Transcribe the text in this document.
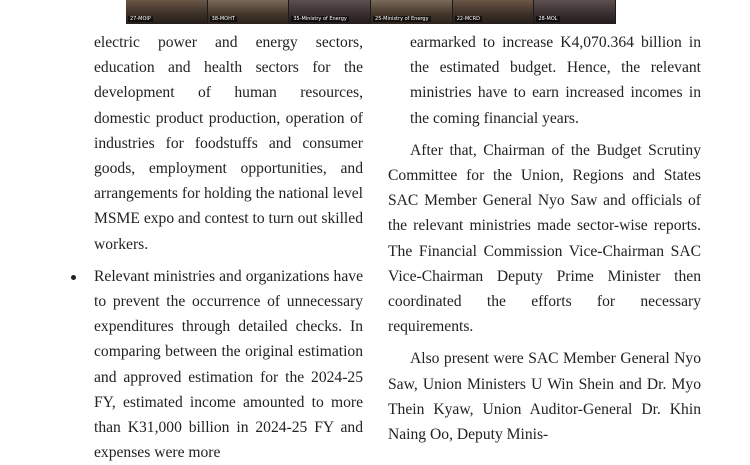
27-MOIP	38-MOHT	35-Ministry of Energy	25-Ministry of Energy	22-MCRD	28-MOL

electric power and energy sectors, education and health sectors for the development of human resources, domestic product production, operation of industries for foodstuffs and consumer goods, employment opportunities, and arrangements for holding the national level MSME expo and contest to turn out skilled workers.

Relevant ministries and organizations have to prevent the occurrence of unnecessary expenditures through detailed checks. In comparing between the original estimation and approved estimation for the 2024-25 FY, estimated income amounted to more than K31,000 billion in 2024-25 FY and expenses were more

earmarked to increase K4,070.364 billion in the estimated budget. Hence, the relevant ministries have to earn increased incomes in the coming financial years.

After that, Chairman of the Budget Scrutiny Committee for the Union, Regions and States SAC Member General Nyo Saw and officials of the relevant ministries made sector-wise reports. The Financial Commission Vice-Chairman SAC Vice-Chairman Deputy Prime Minister then coordinated the efforts for necessary requirements.

Also present were SAC Member General Nyo Saw, Union Ministers U Win Shein and Dr. Myo Thein Kyaw, Union Auditor-General Dr. Khin Naing Oo, Deputy Minis-
